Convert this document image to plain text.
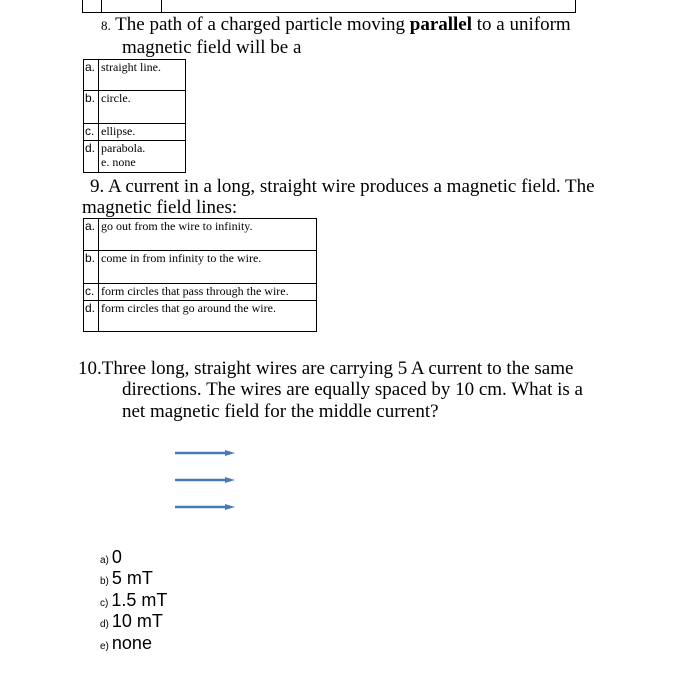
8. The path of a charged particle moving parallel to a uniform
magnetic field will be a
a.	straight line.
b.	circle.
c.	ellipse.
d.	parabola.
e. none
9. A current in a long, straight wire produces a magnetic field. The
magnetic field lines:
a.	go out from the wire to infinity.
b.	come in from infinity to the wire.
c.	form circles that pass through the wire.
d.	form circles that go around the wire.
10.Three long, straight wires are carrying 5 A current to the same
directions. The wires are equally spaced by 10 cm. What is a
net magnetic field for the middle current?
a) 0
b) 5 mT
c) 1.5 mT
d) 10 mT
e) none
